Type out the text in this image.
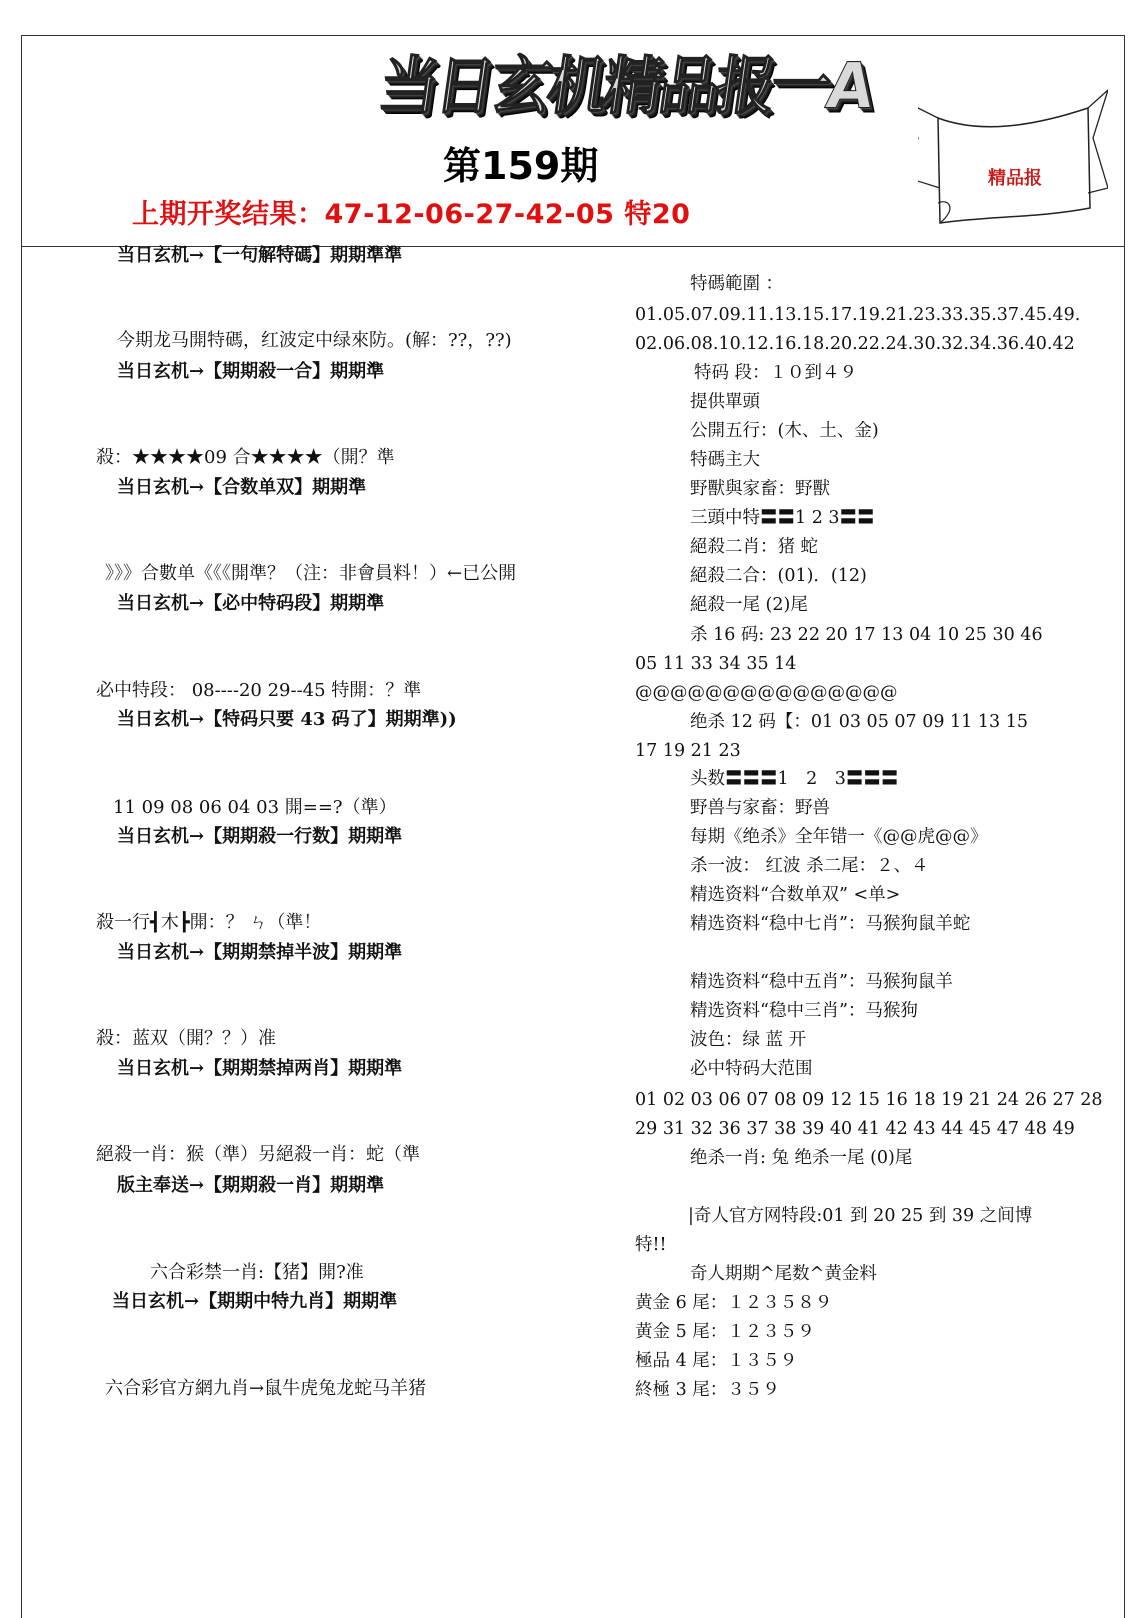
当日玄机精品报一A
第159期
上期开奖结果：47-12-06-27-42-05 特20
精品报
当日玄机→【一句解特碼】期期準準
今期龙马開特碼，红波定中绿來防。(解：??，??)
当日玄机→【期期殺一合】期期準
殺：★★★★09 合★★★★（開？準
当日玄机→【合数单双】期期準
》》》合數单《《《開準？（注：非會員料！）←已公開
当日玄机→【必中特码段】期期準
必中特段： 08----20 29--45 特開：？準
当日玄机→【特码只要 43 码了】期期準))
11 09 08 06 04 03 開==?（準）
当日玄机→【期期殺一行数】期期準
殺一行┫木┣開：？ ㄣ（準！
当日玄机→【期期禁掉半波】期期準
殺：蓝双（開？？）准
当日玄机→【期期禁掉两肖】期期準
絕殺一肖：猴（準）另絕殺一肖：蛇（準
版主奉送→【期期殺一肖】期期準
六合彩禁一肖:【猪】開?准
当日玄机→【期期中特九肖】期期準
六合彩官方網九肖→鼠牛虎兔龙蛇马羊猪
特碼範圍 ：
01.05.07.09.11.13.15.17.19.21.23.33.35.37.45.49.
02.06.08.10.12.16.18.20.22.24.30.32.34.36.40.42
特码 段：１０到４９
提供單頭
公開五行：(木、土、金)
特碼主大
野獸與家畜：野獸
三頭中特〓〓1 2 3〓〓
絕殺二肖：猪 蛇
絕殺二合：(01)．(12)
絕殺一尾 (2)尾
杀 16 码: 23 22 20 17 13 04 10 25 30 46
05 11 33 34 35 14
@@@@@@@@@@@@@@@
绝杀 12 码【：01 03 05 07 09 11 13 15
17 19 21 23
头数〓〓〓1　2　3〓〓〓
野兽与家畜：野兽
每期《绝杀》全年错一《@@虎@@》
杀一波： 红波 杀二尾：２、４
精选资料“合数单双” <单>
精选资料“稳中七肖”：马猴狗鼠羊蛇
精选资料“稳中五肖”：马猴狗鼠羊
精选资料“稳中三肖”：马猴狗
波色：绿 蓝 开
必中特码大范围
01 02 03 06 07 08 09 12 15 16 18 19 21 24 26 27 28
29 31 32 36 37 38 39 40 41 42 43 44 45 47 48 49
绝杀一肖: 兔 绝杀一尾 (0)尾
|奇人官方网特段:01 到 20 25 到 39 之间博
特!!
奇人期期^尾数^黄金料
黄金 6 尾：１２３５８９
黄金 5 尾：１２３５９
極品 4 尾：１３５９
終極 3 尾：３５９
